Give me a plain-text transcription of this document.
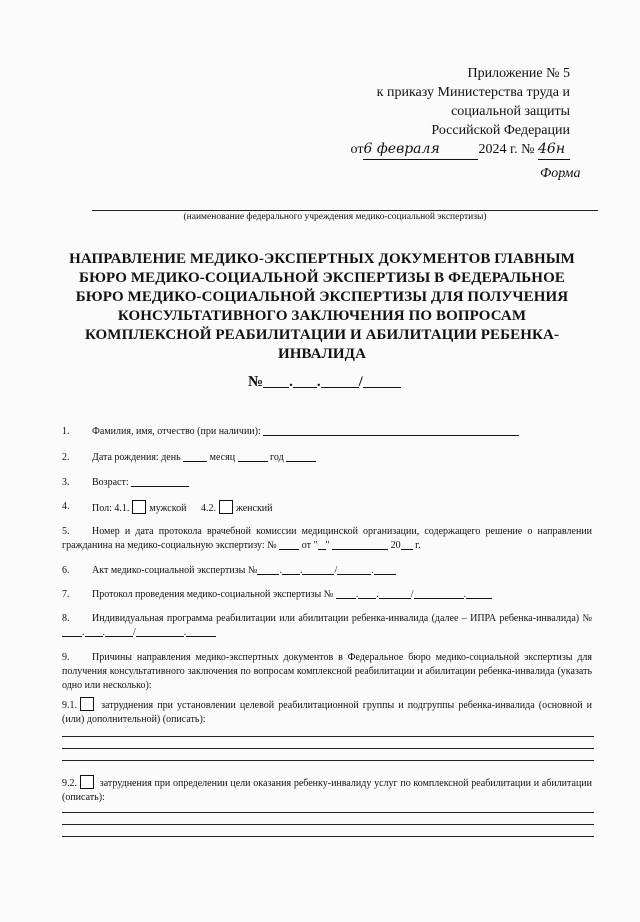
Приложение № 5
к приказу Министерства труда и
социальной защиты
Российской Федерации
от6 февраля	2024 г. № 46н
Форма
(наименование федерального учреждения медико-социальной экспертизы)
НАПРАВЛЕНИЕ МЕДИКО-ЭКСПЕРТНЫХ ДОКУМЕНТОВ ГЛАВНЫМ БЮРО МЕДИКО-СОЦИАЛЬНОЙ ЭКСПЕРТИЗЫ В ФЕДЕРАЛЬНОЕ БЮРО МЕДИКО-СОЦИАЛЬНОЙ ЭКСПЕРТИЗЫ ДЛЯ ПОЛУЧЕНИЯ КОНСУЛЬТАТИВНОГО ЗАКЛЮЧЕНИЯ ПО ВОПРОСАМ КОМПЛЕКСНОЙ РЕАБИЛИТАЦИИ И АБИЛИТАЦИИ РЕБЕНКА-ИНВАЛИДА
№ . .	/
1. Фамилия, имя, отчество (при наличии):
2. Дата рождения: день	месяц	год
3. Возраст:
4. Пол: 4.1. мужской 4.2. женский
5. Номер и дата протокола врачебной комиссии медицинской организации, содержащего решение о направлении гражданина на медико-социальную экспертизу: №	от " "	20 г.
6. Акт медико-социальной экспертизы № . .	/	.
7. Протокол проведения медико-социальной экспертизы № . .	/	.
8. Индивидуальная программа реабилитации или абилитации ребенка-инвалида (далее – ИПРА ребенка-инвалида) № . .	/	.
9. Причины направления медико-экспертных документов в Федеральное бюро медико-социальной экспертизы для получения консультативного заключения по вопросам комплексной реабилитации и абилитации ребенка-инвалида (указать одно или несколько):
9.1. затруднения при установлении целевой реабилитационной группы и подгруппы ребенка-инвалида (основной и (или) дополнительной) (описать):
9.2. затруднения при определении цели оказания ребенку-инвалиду услуг по комплексной реабилитации и абилитации (описать):
